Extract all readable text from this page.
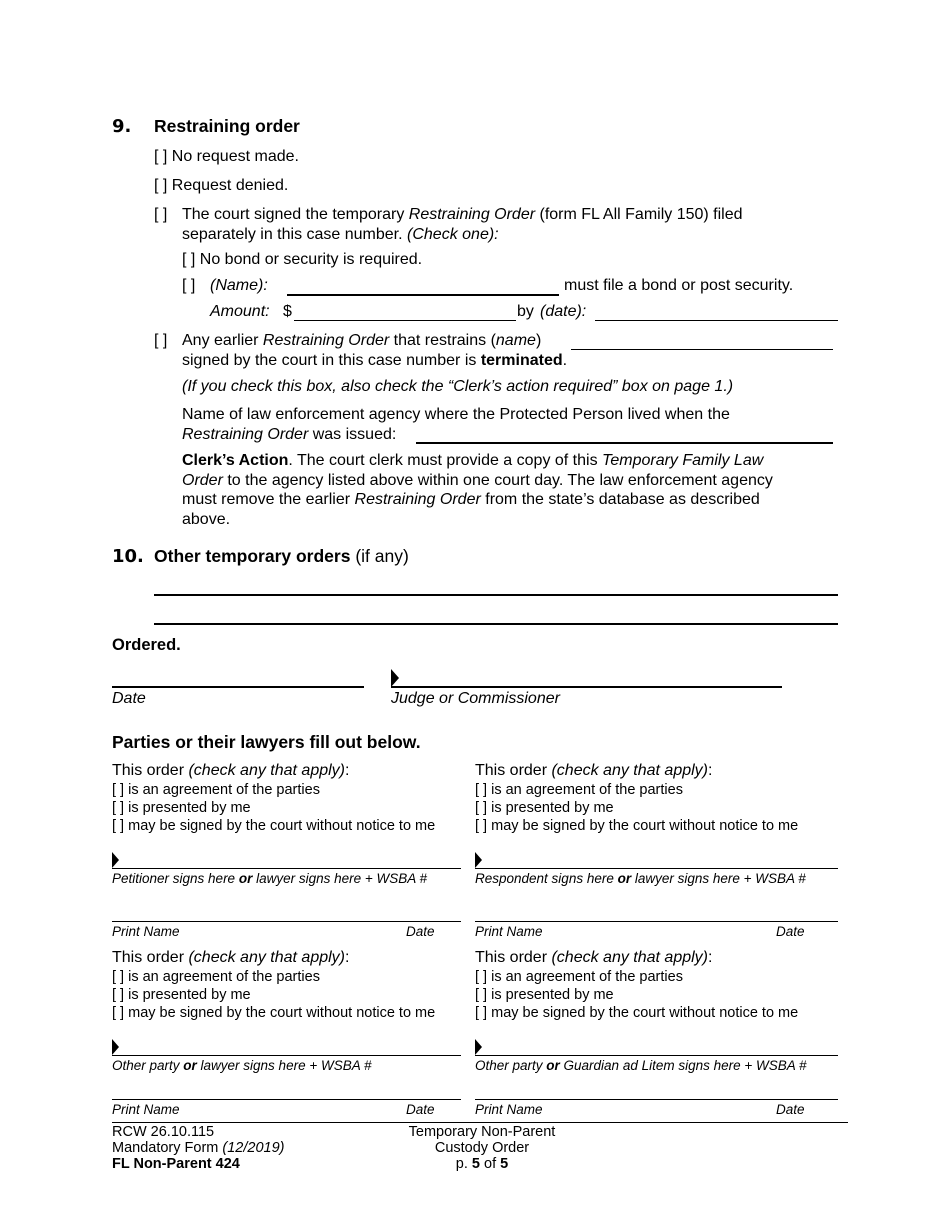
9. Restraining order
[ ] No request made.
[ ] Request denied.
[ ] The court signed the temporary Restraining Order (form FL All Family 150) filed
separately in this case number. (Check one):
[ ] No bond or security is required.
[ ] (Name):	must file a bond or post security.
Amount: $	by (date):
[ ] Any earlier Restraining Order that restrains (name)
signed by the court in this case number is terminated.
(If you check this box, also check the “Clerk’s action required” box on page 1.)
Name of law enforcement agency where the Protected Person lived when the
Restraining Order was issued:
Clerk’s Action. The court clerk must provide a copy of this Temporary Family Law
Order to the agency listed above within one court day. The law enforcement agency
must remove the earlier Restraining Order from the state’s database as described
above.
10. Other temporary orders (if any)
Ordered.
Date	Judge or Commissioner
Parties or their lawyers fill out below.
This order (check any that apply):
[ ] is an agreement of the parties
[ ] is presented by me
[ ] may be signed by the court without notice to me
Petitioner signs here or lawyer signs here + WSBA #
Print Name	Date
This order (check any that apply):
[ ] is an agreement of the parties
[ ] is presented by me
[ ] may be signed by the court without notice to me
Respondent signs here or lawyer signs here + WSBA #
Print Name	Date
This order (check any that apply):
[ ] is an agreement of the parties
[ ] is presented by me
[ ] may be signed by the court without notice to me
Other party or lawyer signs here + WSBA #
Print Name	Date
This order (check any that apply):
[ ] is an agreement of the parties
[ ] is presented by me
[ ] may be signed by the court without notice to me
Other party or Guardian ad Litem signs here + WSBA #
Print Name	Date
RCW 26.10.115
Mandatory Form (12/2019)
FL Non-Parent 424
Temporary Non-Parent
Custody Order
p. 5 of 5
